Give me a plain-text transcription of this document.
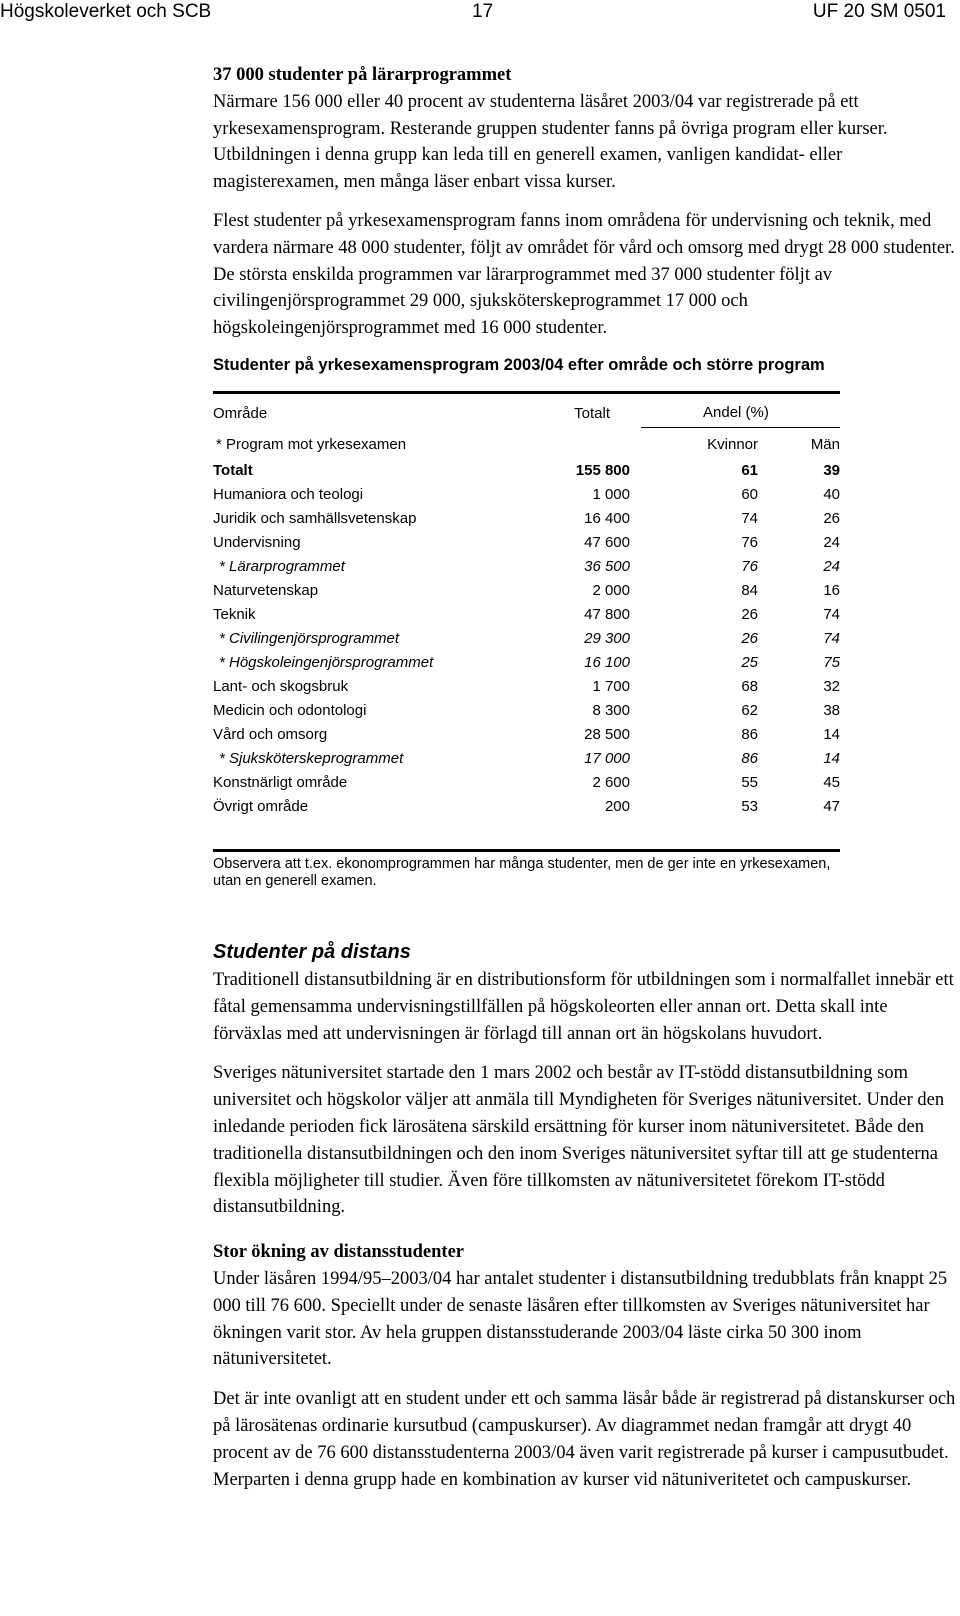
Högskoleverket och SCB	17	UF 20 SM 0501

37 000 studenter på lärarprogrammet

Närmare 156 000 eller 40 procent av studenterna läsåret 2003/04 var registrerade på ett yrkesexamensprogram. Resterande gruppen studenter fanns på övriga program eller kurser. Utbildningen i denna grupp kan leda till en generell examen, vanligen kandidat- eller magisterexamen, men många läser enbart vissa kurser.

Flest studenter på yrkesexamensprogram fanns inom områdena för undervisning och teknik, med vardera närmare 48 000 studenter, följt av området för vård och omsorg med drygt 28 000 studenter. De största enskilda programmen var lärarprogrammet med 37 000 studenter följt av civilingenjörsprogrammet 29 000, sjuksköterskeprogrammet 17 000 och högskoleingenjörsprogrammet med 16 000 studenter.

Studenter på yrkesexamensprogram 2003/04 efter område och större program
Område	Totalt	Andel (%)
* Program mot yrkesexamen	Kvinnor	Män
Totalt	155 800	61	39
Humaniora och teologi	1 000	60	40
Juridik och samhällsvetenskap	16 400	74	26
Undervisning	47 600	76	24
* Lärarprogrammet	36 500	76	24
Naturvetenskap	2 000	84	16
Teknik	47 800	26	74
* Civilingenjörsprogrammet	29 300	26	74
* Högskoleingenjörsprogrammet	16 100	25	75
Lant- och skogsbruk	1 700	68	32
Medicin och odontologi	8 300	62	38
Vård och omsorg	28 500	86	14
* Sjuksköterskeprogrammet	17 000	86	14
Konstnärligt område	2 600	55	45
Övrigt område	200	53	47
Observera att t.ex. ekonomprogrammen har många studenter, men de ger inte en yrkesexamen, utan en generell examen.
Studenter på distans

Traditionell distansutbildning är en distributionsform för utbildningen som i normalfallet innebär ett fåtal gemensamma undervisningstillfällen på högskoleorten eller annan ort. Detta skall inte förväxlas med att undervisningen är förlagd till annan ort än högskolans huvudort.

Sveriges nätuniversitet startade den 1 mars 2002 och består av IT-stödd distansutbildning som universitet och högskolor väljer att anmäla till Myndigheten för Sveriges nätuniversitet. Under den inledande perioden fick lärosätena särskild ersättning för kurser inom nätuniversitetet. Både den traditionella distansutbildningen och den inom Sveriges nätuniversitet syftar till att ge studenterna flexibla möjligheter till studier. Även före tillkomsten av nätuniversitetet förekom IT-stödd distansutbildning.

Stor ökning av distansstudenter

Under läsåren 1994/95–2003/04 har antalet studenter i distansutbildning tredubblats från knappt 25 000 till 76 600. Speciellt under de senaste läsåren efter tillkomsten av Sveriges nätuniversitet har ökningen varit stor. Av hela gruppen distansstuderande 2003/04 läste cirka 50 300 inom nätuniversitetet.

Det är inte ovanligt att en student under ett och samma läsår både är registrerad på distanskurser och på lärosätenas ordinarie kursutbud (campuskurser). Av diagrammet nedan framgår att drygt 40 procent av de 76 600 distansstudenterna 2003/04 även varit registrerade på kurser i campusutbudet. Merparten i denna grupp hade en kombination av kurser vid nätuniveritetet och campuskurser.
